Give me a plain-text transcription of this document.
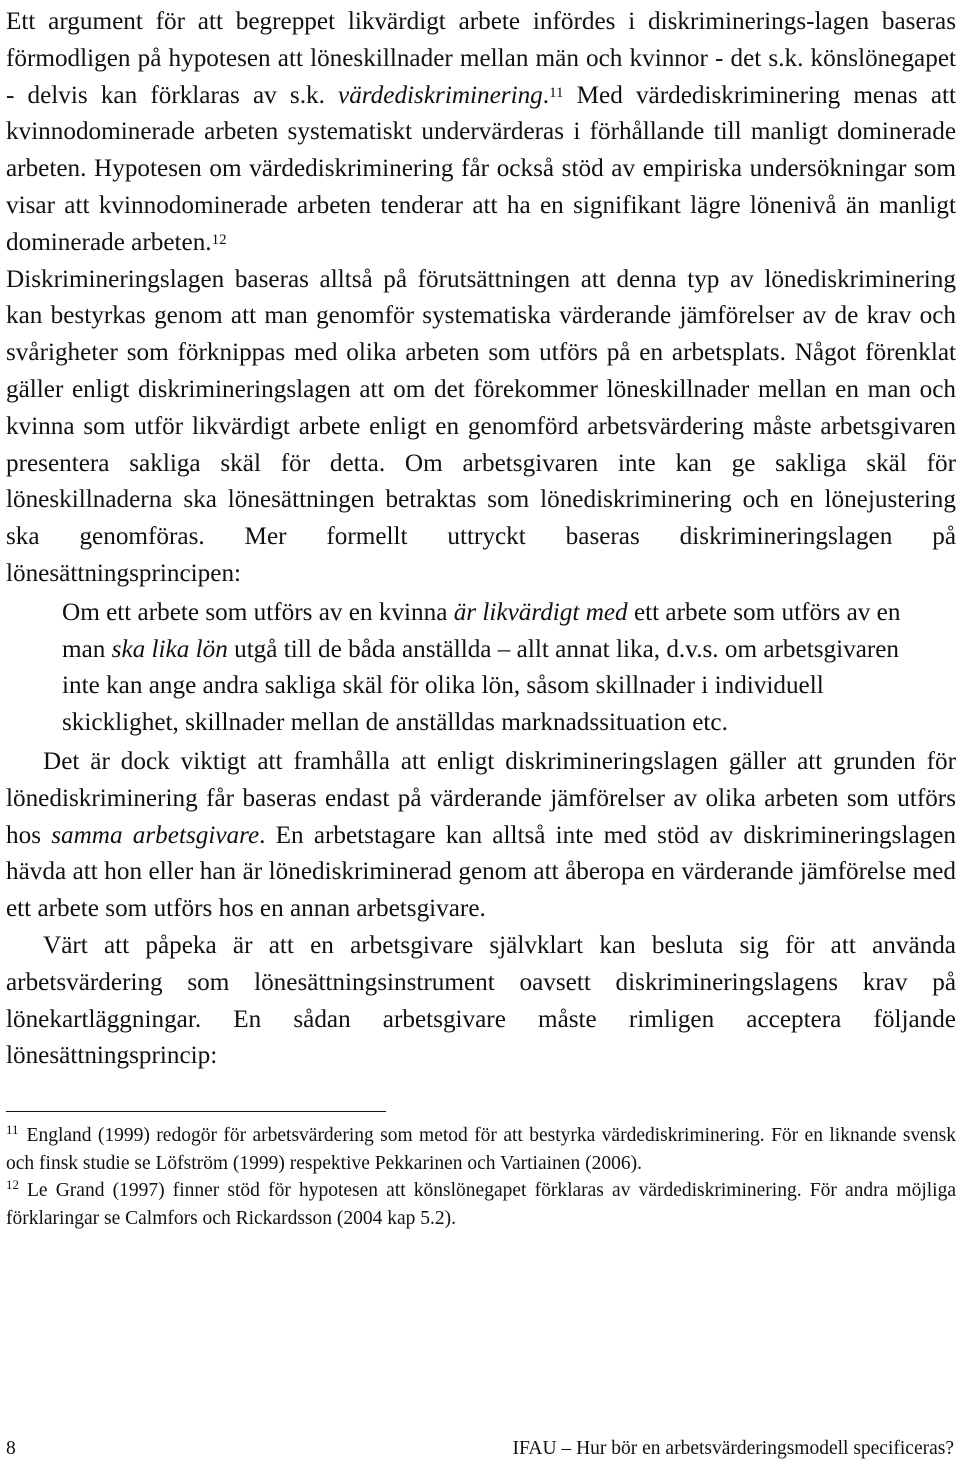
Ett argument för att begreppet likvärdigt arbete infördes i diskriminerings-lagen baseras förmodligen på hypotesen att löneskillnader mellan män och kvinnor - det s.k. könslönegapet - delvis kan förklaras av s.k. värdediskriminering.$^{11}$ Med värdediskriminering menas att kvinnodominerade arbeten systematiskt undervärderas i förhållande till manligt dominerade arbeten. Hypotesen om värdediskriminering får också stöd av empiriska undersökningar som visar att kvinnodominerade arbeten tenderar att ha en signifikant lägre lönenivå än manligt dominerade arbeten.$^{12}$

Diskrimineringslagen baseras alltså på förutsättningen att denna typ av lönediskriminering kan bestyrkas genom att man genomför systematiska värderande jämförelser av de krav och svårigheter som förknippas med olika arbeten som utförs på en arbetsplats. Något förenklat gäller enligt diskrimineringslagen att om det förekommer löneskillnader mellan en man och kvinna som utför likvärdigt arbete enligt en genomförd arbetsvärdering måste arbetsgivaren presentera sakliga skäl för detta. Om arbetsgivaren inte kan ge sakliga skäl för löneskillnaderna ska lönesättningen betraktas som lönediskriminering och en lönejustering ska genomföras. Mer formellt uttryckt baseras diskrimineringslagen på lönesättningsprincipen:

Om ett arbete som utförs av en kvinna är likvärdigt med ett arbete som utförs av en man ska lika lön utgå till de båda anställda – allt annat lika, d.v.s. om arbetsgivaren inte kan ange andra sakliga skäl för olika lön, såsom skillnader i individuell skicklighet, skillnader mellan de anställdas marknadssituation etc.

Det är dock viktigt att framhålla att enligt diskrimineringslagen gäller att grunden för lönediskriminering får baseras endast på värderande jämförelser av olika arbeten som utförs hos samma arbetsgivare. En arbetstagare kan alltså inte med stöd av diskrimineringslagen hävda att hon eller han är lönediskriminerad genom att åberopa en värderande jämförelse med ett arbete som utförs hos en annan arbetsgivare.

Värt att påpeka är att en arbetsgivare självklart kan besluta sig för att använda arbetsvärdering som lönesättningsinstrument oavsett diskrimineringslagens krav på lönekartläggningar. En sådan arbetsgivare måste rimligen acceptera följande lönesättningsprincip:

$^{11}$ England (1999) redogör för arbetsvärdering som metod för att bestyrka värdediskriminering. För en liknande svensk och finsk studie se Löfström (1999) respektive Pekkarinen och Vartiainen (2006).

$^{12}$ Le Grand (1997) finner stöd för hypotesen att könslönegapet förklaras av värdediskriminering. För andra möjliga förklaringar se Calmfors och Rickardsson (2004 kap 5.2).

8	IFAU – Hur bör en arbetsvärderingsmodell specificeras?
